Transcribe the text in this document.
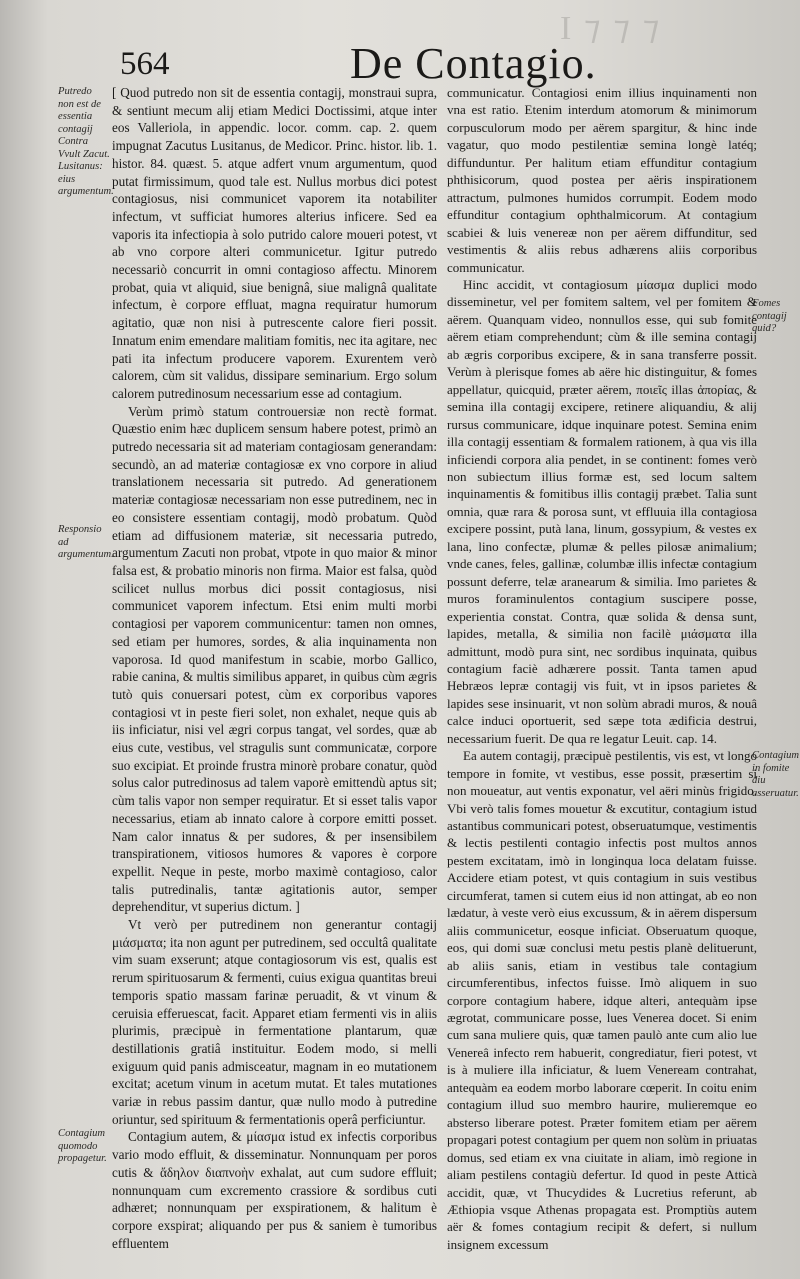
I ⁊ ⁊ ⁊
564	De Contagio.
Putredo non est de essentia contagij Contra Vvult Zacut. Lusitanus: eius argumentum.
Responsio ad argumentum.
Contagium quomodo propagetur.
Fomes contagij quid?
Contagium in fomite diu asseruatur.

[ Quod putredo non sit de essentia contagij, monstraui supra, & sentiunt mecum alij etiam Medici Doctissimi, atque inter eos Valleriola, in appendic. locor. comm. cap. 2. quem impugnat Zacutus Lusitanus, de Medicor. Princ. histor. lib. 1. histor. 84. quæst. 5. atque adfert vnum argumentum, quod putat firmissimum, quod tale est. Nullus morbus dici potest contagiosus, nisi communicet vaporem ita notabiliter infectum, vt sufficiat humores alterius inficere. Sed ea vaporis ita infectiopia à solo putrido calore moueri potest, vt ab vno corpore alteri communicetur. Igitur putredo necessariò concurrit in omni contagioso affectu. Minorem probat, quia vt aliquid, siue benignâ, siue malignâ qualitate infectum, è corpore effluat, magna requiratur humorum agitatio, quæ non nisi à putrescente calore fieri possit. Innatum enim emendare malitiam fomitis, nec ita agitare, nec pati ita infectum producere vaporem. Exurentem verò calorem, cùm sit validus, dissipare seminarium. Ergo solum calorem putredinosum necessarium esse ad contagium.

Verùm primò statum controuersiæ non rectè format. Quæstio enim hæc duplicem sensum habere potest, primò an putredo necessaria sit ad materiam contagiosam generandam: secundò, an ad materiæ contagiosæ ex vno corpore in aliud translationem necessaria sit putredo. Ad generationem materiæ contagiosæ necessariam non esse putredinem, nec in eo consistere essentiam contagij, modò probatum. Quòd etiam ad diffusionem materiæ, sit necessaria putredo, argumentum Zacuti non probat, vtpote in quo maior & minor falsa est, & probatio minoris non firma. Maior est falsa, quòd scilicet nullus morbus dici possit contagiosus, nisi communicet vaporem infectum. Etsi enim multi morbi contagiosi per vaporem communicentur: tamen non omnes, sed etiam per humores, sordes, & alia inquinamenta non vaporosa. Id quod manifestum in scabie, morbo Gallico, rabie canina, & multis similibus apparet, in quibus cùm ægris tutò quis conuersari potest, cùm ex corporibus vapores contagiosi vt in peste fieri solet, non exhalet, neque quis ab iis inficiatur, nisi vel ægri corpus tangat, vel sordes, quæ ab eius cute, vestibus, vel stragulis sunt communicatæ, corpore suo excipiat. Et proinde frustra minorè probare conatur, quòd solus calor putredinosus ad talem vaporè emittendù aptus sit; cùm talis vapor non semper requiratur. Et si esset talis vapor necessarius, etiam ab innato calore à corpore emitti posset. Nam calor innatus & per sudores, & per insensibilem transpirationem, vitiosos humores & vapores è corpore expellit. Neque in peste, morbo maximè contagioso, calor talis putredinalis, tantæ agitationis autor, semper deprehenditur, vt superius dictum. ]

Vt verò per putredinem non generantur contagij μιάσματα; ita non agunt per putredinem, sed occultâ qualitate vim suam exserunt; atque contagiosorum vis est, qualis est rerum spirituosarum & fermenti, cuius exigua quantitas breui temporis spatio massam farinæ peruadit, & vt vinum & ceruisia efferuescat, facit. Apparet etiam fermenti vis in aliis plurimis, præcipuè in fermentatione plantarum, quæ destillationis gratiâ instituitur. Eodem modo, si melli exiguum quid panis admisceatur, magnam in eo mutationem excitat; acetum vinum in acetum mutat. Et tales mutationes variæ in rebus passim dantur, quæ nullo modo à putredine oriuntur, sed spirituum & fermentationis operâ perficiuntur.

Contagium autem, & μίασμα istud ex infectis corporibus vario modo effluit, & disseminatur. Nonnunquam per poros cutis & ἄδηλον διαπνοὴν exhalat, aut cum sudore effluit; nonnunquam cum excremento crassiore & sordibus cuti adhæret; nonnunquam per exspirationem, & halitum è corpore exspirat; aliquando per pus & saniem è tumoribus effluentem

communicatur. Contagiosi enim illius inquinamenti non vna est ratio. Etenim interdum atomorum & minimorum corpusculorum modo per aërem spargitur, & hinc inde vagatur, quo modo pestilentiæ semina longè latéq; diffunduntur. Per halitum etiam effunditur contagium phthisicorum, quod postea per aëris inspirationem attractum, pulmones humidos corrumpit. Eodem modo effunditur contagium ophthalmicorum. At contagium scabiei & luis venereæ non per aërem diffunditur, sed vestimentis & aliis rebus adhærens aliis corporibus communicatur.

Hinc accidit, vt contagiosum μίασμα duplici modo disseminetur, vel per fomitem saltem, vel per fomitem & aërem. Quanquam video, nonnullos esse, qui sub fomite aërem etiam comprehendunt; cùm & ille semina contagij ab ægris corporibus excipere, & in sana transferre possit. Verùm à plerisque fomes ab aëre hic distinguitur, & fomes appellatur, quicquid, præter aërem, ποιεῖς illas ἀπορίας, & semina illa contagij excipere, retinere aliquandiu, & alij rursus communicare, idque inquinare potest. Semina enim illa contagij essentiam & formalem rationem, à qua vis illa inficiendi corpora alia pendet, in se continent: fomes verò non subiectum illius formæ est, sed locum saltem inquinamentis & fomitibus illis contagij præbet. Talia sunt omnia, quæ rara & porosa sunt, vt effluuia illa contagiosa excipere possint, putà lana, linum, gossypium, & vestes ex lana, lino confectæ, plumæ & pelles pilosæ animalium; vnde canes, feles, gallinæ, columbæ illis infectæ contagium possunt deferre, telæ aranearum & similia. Imo parietes & muros foraminulentos contagium suscipere posse, experientia constat. Contra, quæ solida & densa sunt, lapides, metalla, & similia non facilè μιάσματα illa admittunt, modò pura sint, nec sordibus inquinata, quibus contagium faciè adhærere possit. Tanta tamen apud Hebræos lepræ contagij vis fuit, vt in ipsos parietes & lapides sese insinuarit, vt non solùm abradi muros, & nouâ calce induci oportuerit, sed sæpe tota ædificia destrui, necessarium fuerit. De qua re legatur Leuit. cap. 14.

Ea autem contagij, præcipuè pestilentis, vis est, vt longo tempore in fomite, vt vestibus, esse possit, præsertim si non moueatur, aut ventis exponatur, vel aëri minùs frigido. Vbi verò talis fomes mouetur & excutitur, contagium istud astantibus communicari potest, obseruatumque, vestimentis & lectis pestilenti contagio infectis post multos annos pestem excitatam, imò in longinqua loca delatam fuisse. Accidere etiam potest, vt quis contagium in suis vestibus circumferat, tamen si cutem eius id non attingat, ab eo non lædatur, à veste verò eius excussum, & in aërem dispersum aliis communicetur, eosque inficiat. Obseruatum quoque, eos, qui domi suæ conclusi metu pestis planè delituerunt, ab aliis sanis, etiam in vestibus tale contagium circumferentibus, infectos fuisse. Imò aliquem in suo corpore contagium habere, idque alteri, antequàm ipse ægrotat, communicare posse, lues Venerea docet. Si enim cum sana muliere quis, quæ tamen paulò ante cum alio lue Venereâ infecto rem habuerit, congrediatur, fieri potest, vt is à muliere illa inficiatur, & luem Veneream contrahat, antequàm ea eodem morbo laborare cœperit. In coitu enim contagium illud suo membro haurire, mulieremque eo abstersо liberare potest. Præter fomitem etiam per aërem propagari potest contagium per quem non solùm in priuatas domus, sed etiam ex vna ciuitate in aliam, imò regione in aliam pestilens contagiù defertur. Id quod in peste Atticà accidit, quæ, vt Thucydides & Lucretius referunt, ab Æthiopia vsque Athenas propagata est. Promptiùs autem aër & fomes contagium recipit & defert, si nullum insignem excessum
